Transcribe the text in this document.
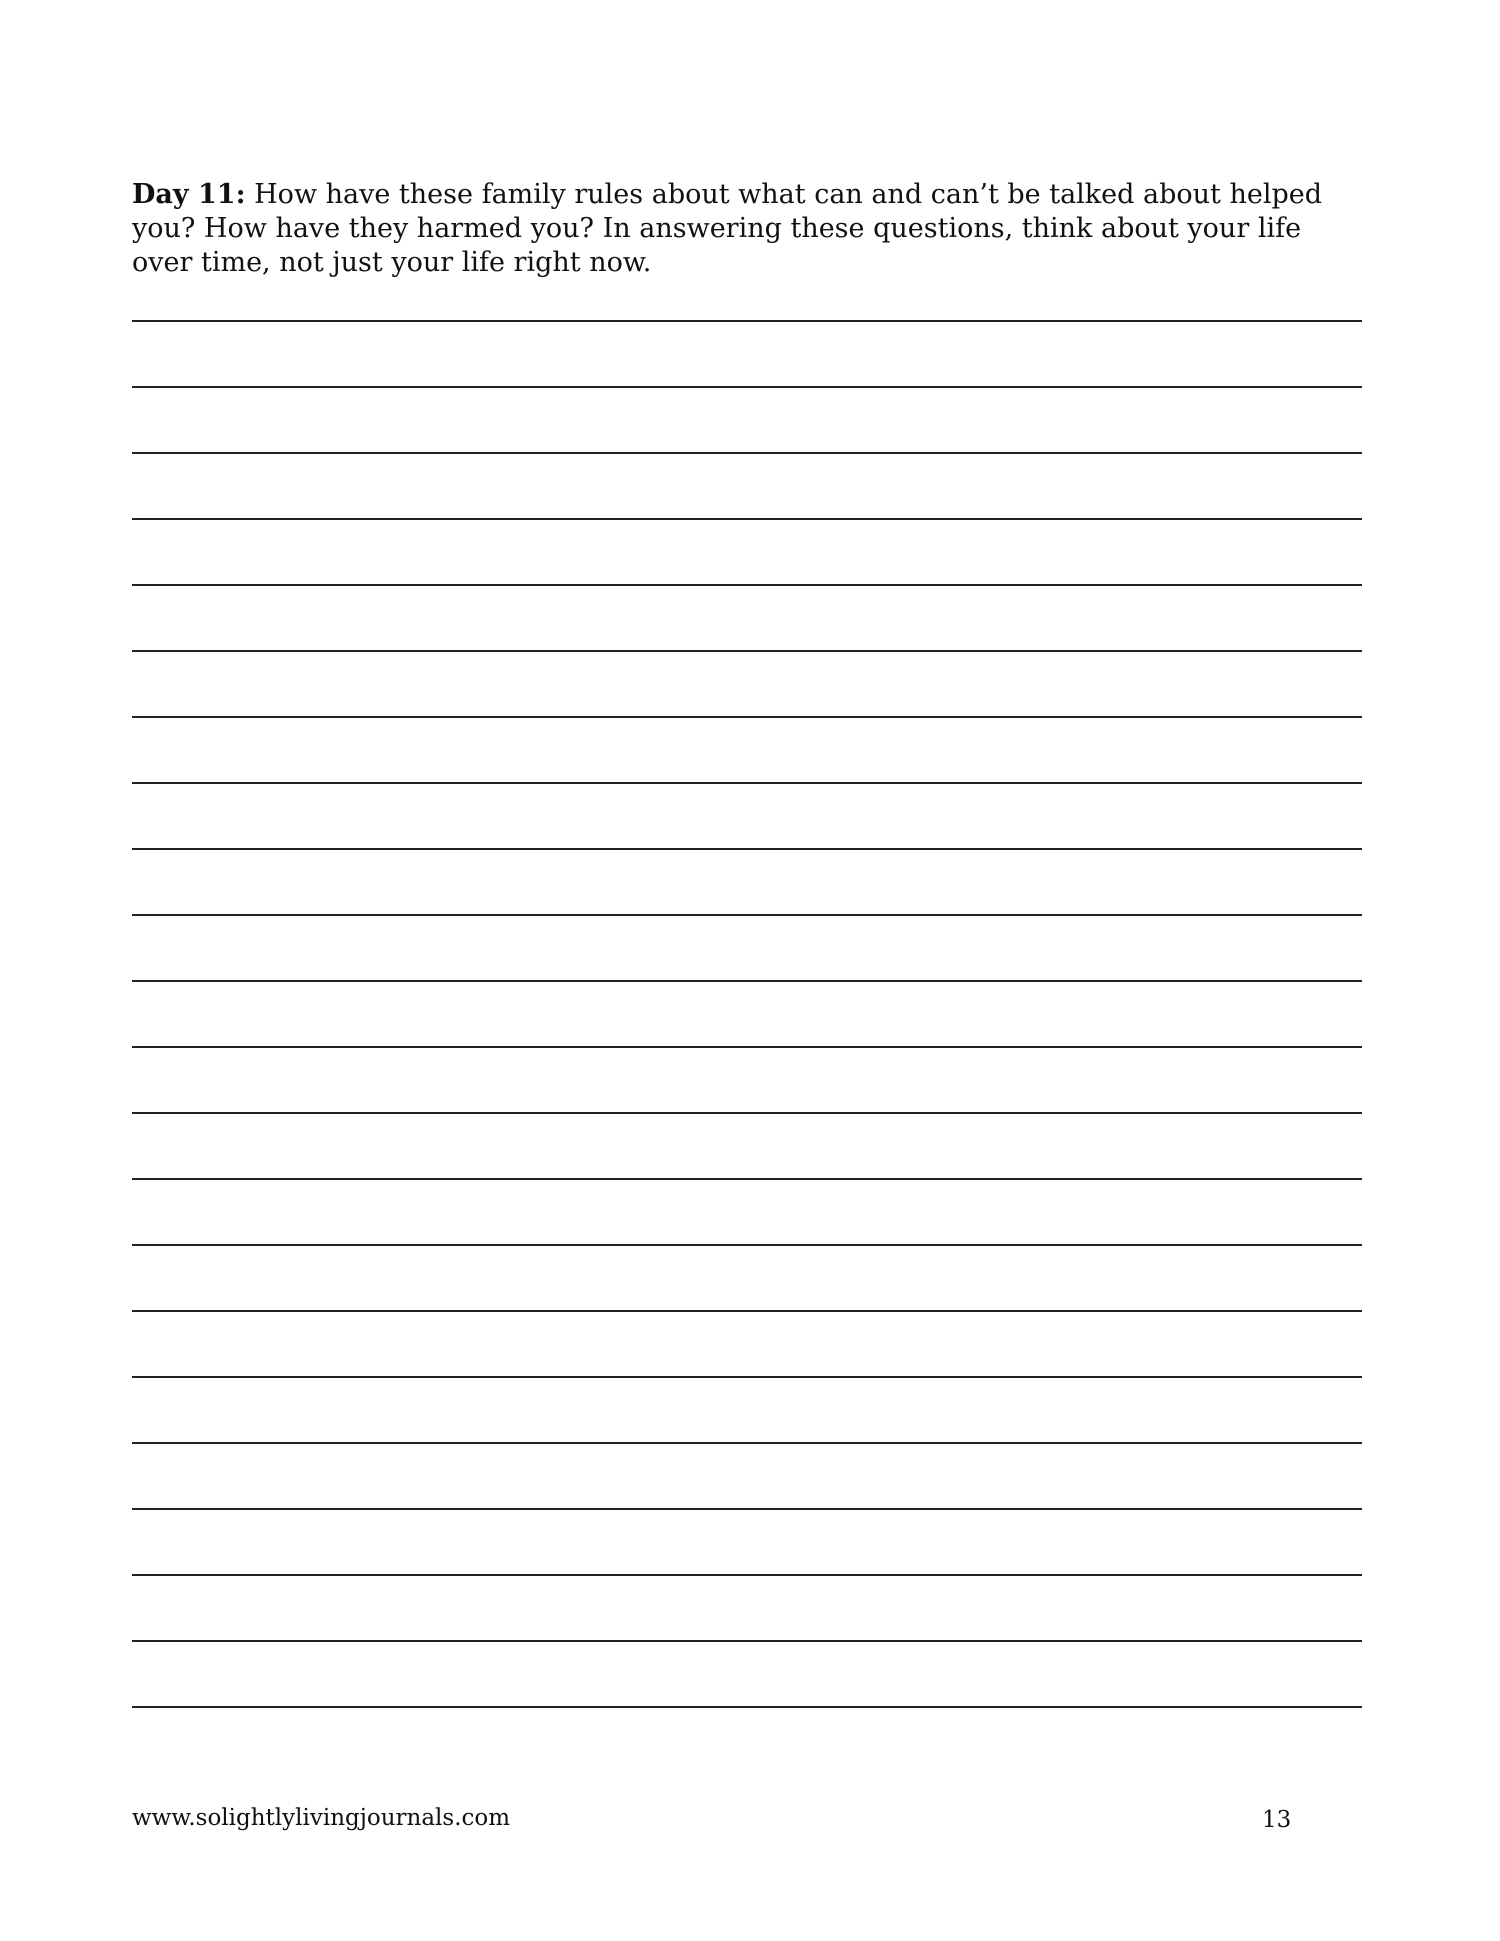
Day 11: How have these family rules about what can and can’t be talked about helped you? How have they harmed you? In answering these questions, think about your life over time, not just your life right now.

www.solightlylivingjournals.com	13
